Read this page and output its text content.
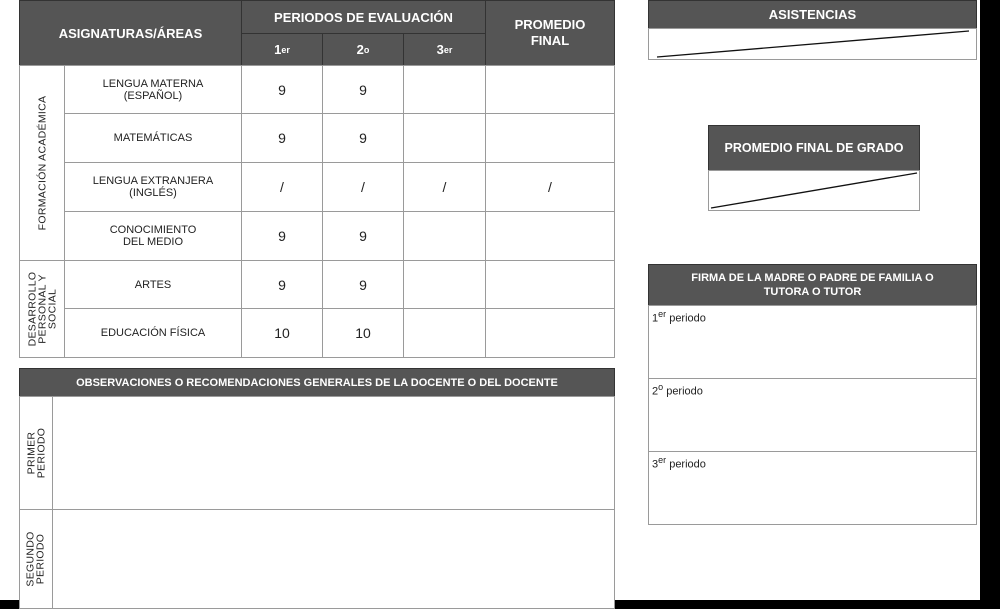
ASIGNATURAS/ÁREAS
PERIODOS DE EVALUACIÓN
1 er	2 o	3 er
PROMEDIO
FINAL
FORMACIÓN ACADÉMICA
DESARROLLO
PERSONAL Y
SOCIAL
LENGUA MATERNA
(ESPAÑOL)	9	9
MATEMÁTICAS	9	9
LENGUA EXTRANJERA
(INGLÉS)	/	/	/	/
CONOCIMIENTO
DEL MEDIO	9	9
ARTES	9	9
EDUCACIÓN FÍSICA	10	10
OBSERVACIONES O RECOMENDACIONES GENERALES DE LA DOCENTE O DEL DOCENTE
PRIMER
PERIODO
SEGUNDO
PERIODO
ASISTENCIAS
PROMEDIO FINAL DE GRADO
FIRMA DE LA MADRE O PADRE DE FAMILIA O
TUTORA O TUTOR
1er periodo
2$^o$ periodo
3er periodo
